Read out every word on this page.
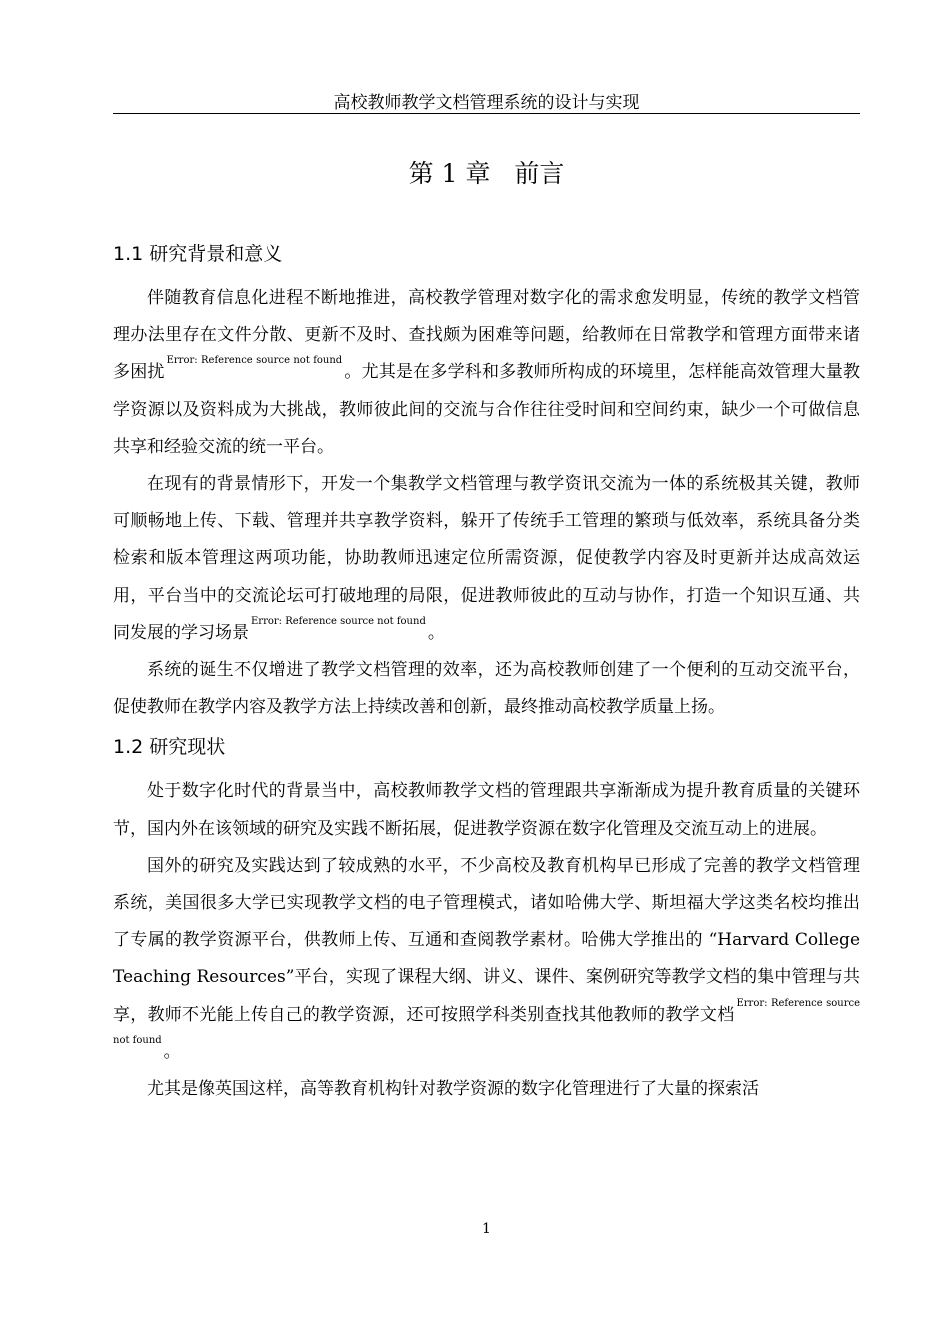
高校教师教学文档管理系统的设计与实现
第 1 章 前言
1.1 研究背景和意义

伴随教育信息化进程不断地推进，高校教学管理对数字化的需求愈发明显，传统的教学文档管理办法里存在文件分散、更新不及时、查找颇为困难等问题，给教师在日常教学和管理方面带来诸多困扰$^{Error: Reference source not found}$。尤其是在多学科和多教师所构成的环境里，怎样能高效管理大量教学资源以及资料成为大挑战，教师彼此间的交流与合作往往受时间和空间约束，缺少一个可做信息共享和经验交流的统一平台。

在现有的背景情形下，开发一个集教学文档管理与教学资讯交流为一体的系统极其关键，教师可顺畅地上传、下载、管理并共享教学资料，躲开了传统手工管理的繁琐与低效率，系统具备分类检索和版本管理这两项功能，协助教师迅速定位所需资源，促使教学内容及时更新并达成高效运用，平台当中的交流论坛可打破地理的局限，促进教师彼此的互动与协作，打造一个知识互通、共同发展的学习场景$^{Error: Reference source not found}$。

系统的诞生不仅增进了教学文档管理的效率，还为高校教师创建了一个便利的互动交流平台，促使教师在教学内容及教学方法上持续改善和创新，最终推动高校教学质量上扬。

1.2 研究现状

处于数字化时代的背景当中，高校教师教学文档的管理跟共享渐渐成为提升教育质量的关键环节，国内外在该领域的研究及实践不断拓展，促进教学资源在数字化管理及交流互动上的进展。

国外的研究及实践达到了较成熟的水平，不少高校及教育机构早已形成了完善的教学文档管理系统，美国很多大学已实现教学文档的电子管理模式，诸如哈佛大学、斯坦福大学这类名校均推出了专属的教学资源平台，供教师上传、互通和查阅教学素材。哈佛大学推出的 “Harvard College Teaching Resources”平台，实现了课程大纲、讲义、课件、案例研究等教学文档的集中管理与共享，教师不光能上传自己的教学资源，还可按照学科类别查找其他教师的教学文档$^{Error: Reference source not found}$。

尤其是像英国这样，高等教育机构针对教学资源的数字化管理进行了大量的探索活

1
